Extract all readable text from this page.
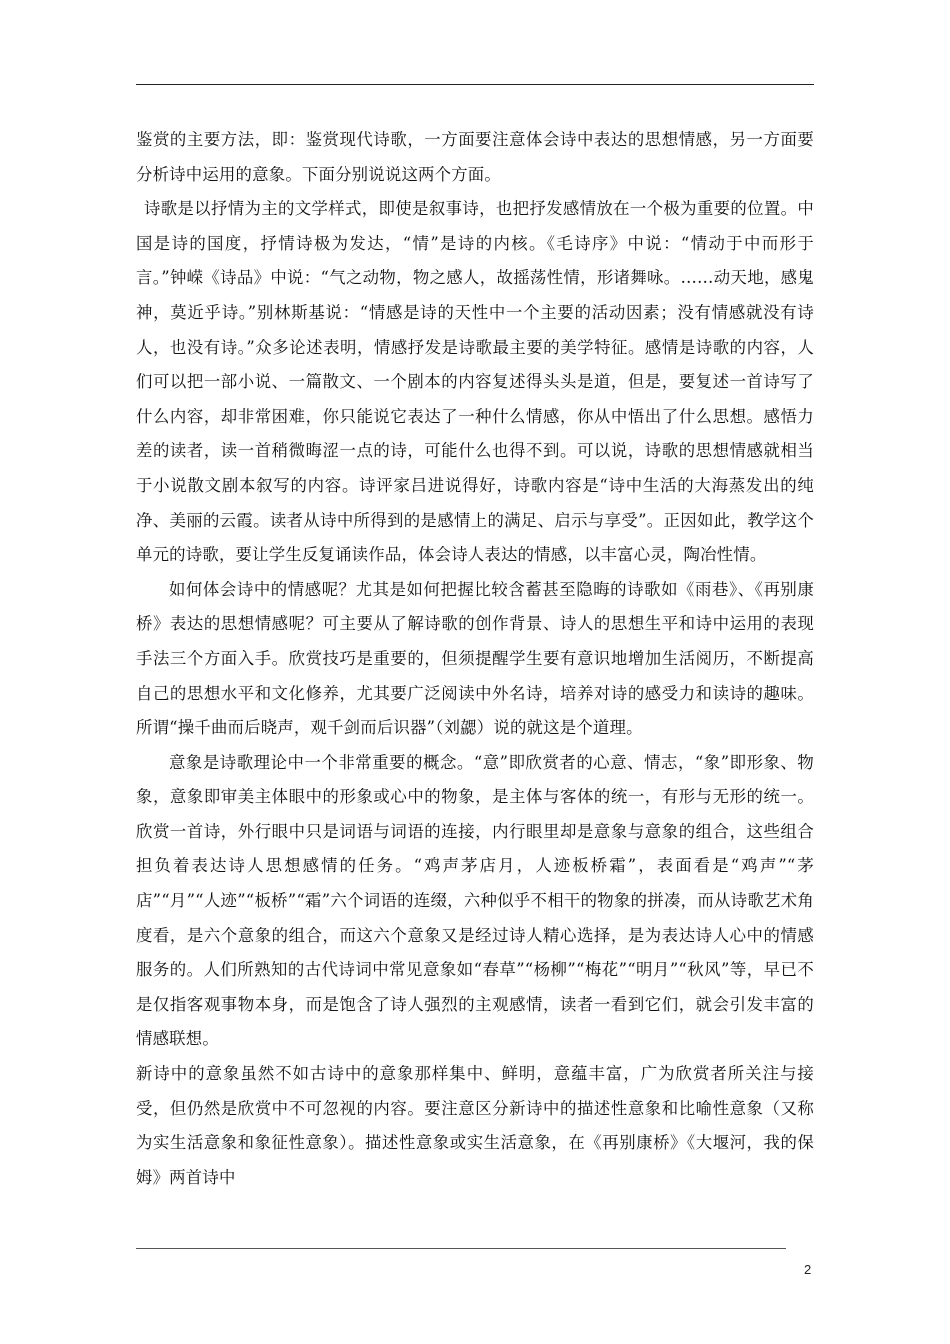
鉴赏的主要方法，即：鉴赏现代诗歌，一方面要注意体会诗中表达的思想情感，另一方面要分析诗中运用的意象。下面分别说说这两个方面。

诗歌是以抒情为主的文学样式，即使是叙事诗，也把抒发感情放在一个极为重要的位置。中国是诗的国度，抒情诗极为发达，“情”是诗的内核。《毛诗序》中说：“情动于中而形于言。”钟嵘《诗品》中说：“气之动物，物之感人，故摇荡性情，形诸舞咏。……动天地，感鬼神，莫近乎诗。”别林斯基说：“情感是诗的天性中一个主要的活动因素；没有情感就没有诗人，也没有诗。”众多论述表明，情感抒发是诗歌最主要的美学特征。感情是诗歌的内容，人们可以把一部小说、一篇散文、一个剧本的内容复述得头头是道，但是，要复述一首诗写了什么内容，却非常困难，你只能说它表达了一种什么情感，你从中悟出了什么思想。感悟力差的读者，读一首稍微晦涩一点的诗，可能什么也得不到。可以说，诗歌的思想情感就相当于小说散文剧本叙写的内容。诗评家吕进说得好，诗歌内容是“诗中生活的大海蒸发出的纯净、美丽的云霞。读者从诗中所得到的是感情上的满足、启示与享受”。正因如此，教学这个单元的诗歌，要让学生反复诵读作品，体会诗人表达的情感，以丰富心灵，陶冶性情。

如何体会诗中的情感呢？尤其是如何把握比较含蓄甚至隐晦的诗歌如《雨巷》、《再别康桥》表达的思想情感呢？可主要从了解诗歌的创作背景、诗人的思想生平和诗中运用的表现手法三个方面入手。欣赏技巧是重要的，但须提醒学生要有意识地增加生活阅历，不断提高自己的思想水平和文化修养，尤其要广泛阅读中外名诗，培养对诗的感受力和读诗的趣味。所谓“操千曲而后晓声，观千剑而后识器”（刘勰）说的就这是个道理。

意象是诗歌理论中一个非常重要的概念。“意”即欣赏者的心意、情志，“象”即形象、物象，意象即审美主体眼中的形象或心中的物象，是主体与客体的统一，有形与无形的统一。欣赏一首诗，外行眼中只是词语与词语的连接，内行眼里却是意象与意象的组合，这些组合担负着表达诗人思想感情的任务。“鸡声茅店月，人迹板桥霜”，表面看是“鸡声”“茅店”“月”“人迹”“板桥”“霜”六个词语的连缀，六种似乎不相干的物象的拼凑，而从诗歌艺术角度看，是六个意象的组合，而这六个意象又是经过诗人精心选择，是为表达诗人心中的情感服务的。人们所熟知的古代诗词中常见意象如“春草”“杨柳”“梅花”“明月”“秋风”等，早已不是仅指客观事物本身，而是饱含了诗人强烈的主观感情，读者一看到它们，就会引发丰富的情感联想。

新诗中的意象虽然不如古诗中的意象那样集中、鲜明，意蕴丰富，广为欣赏者所关注与接受，但仍然是欣赏中不可忽视的内容。要注意区分新诗中的描述性意象和比喻性意象（又称为实生活意象和象征性意象）。描述性意象或实生活意象，在《再别康桥》《大堰河，我的保姆》两首诗中

2
